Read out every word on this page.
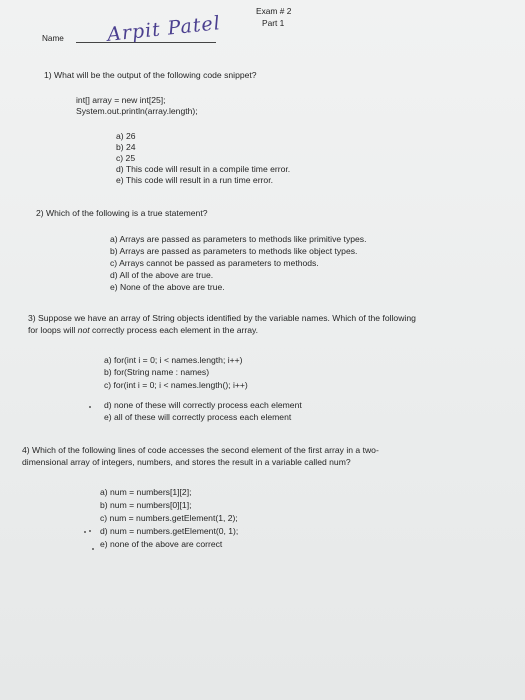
Exam # 2
Part 1
Name Arpit Patel
1) What will be the output of the following code snippet?
int[] array = new int[25];
System.out.println(array.length);
a) 26
b) 24
c) 25
d) This code will result in a compile time error.
e) This code will result in a run time error.
2) Which of the following is a true statement?
a) Arrays are passed as parameters to methods like primitive types.
b) Arrays are passed as parameters to methods like object types.
c) Arrays cannot be passed as parameters to methods.
d) All of the above are true.
e) None of the above are true.
3) Suppose we have an array of String objects identified by the variable names. Which of the following
for loops will not correctly process each element in the array.
a) for(int i = 0; i < names.length; i++)
b) for(String name : names)
c) for(int i = 0; i < names.length(); i++)
d) none of these will correctly process each element
e) all of these will correctly process each element
4) Which of the following lines of code accesses the second element of the first array in a two-
dimensional array of integers, numbers, and stores the result in a variable called num?
a) num = numbers[1][2];
b) num = numbers[0][1];
c) num = numbers.getElement(1, 2);
d) num = numbers.getElement(0, 1);
e) none of the above are correct
